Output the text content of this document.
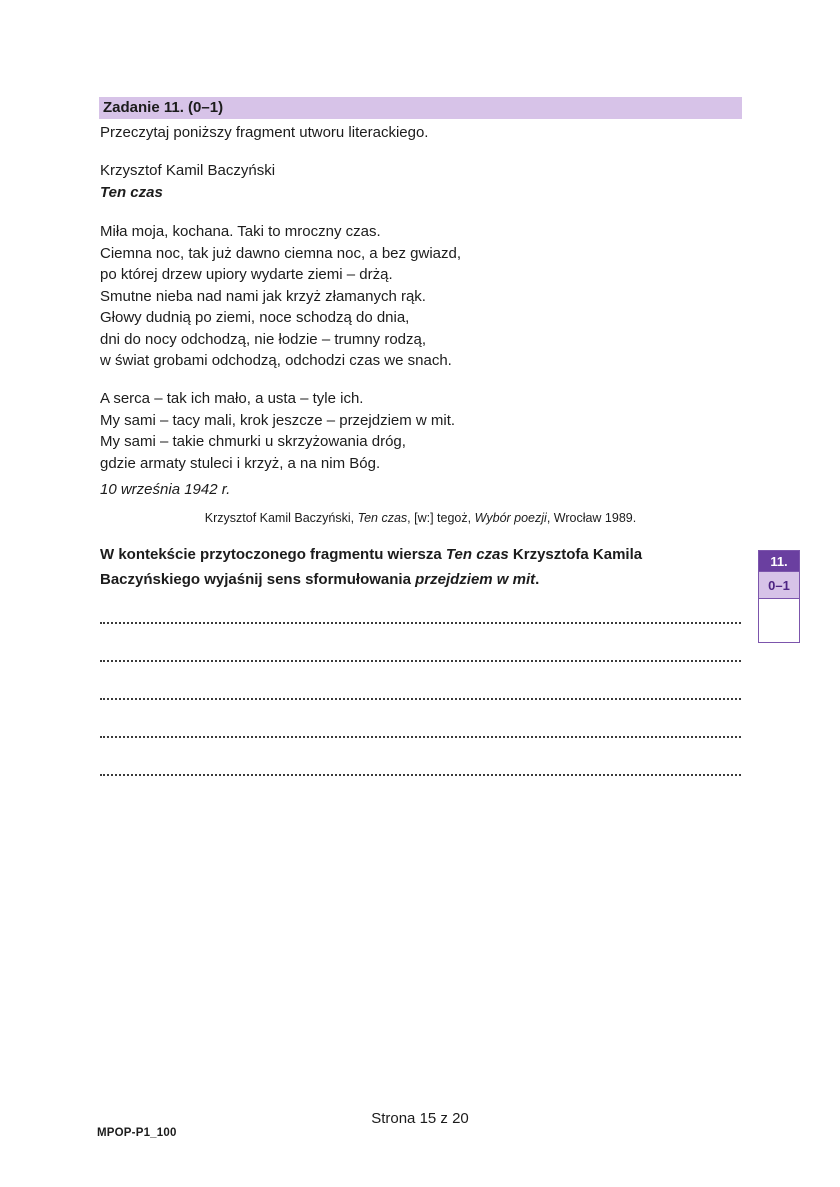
Zadanie 11. (0–1)
Przeczytaj poniższy fragment utworu literackiego.
Krzysztof Kamil Baczyński
Ten czas
Miła moja, kochana. Taki to mroczny czas.
Ciemna noc, tak już dawno ciemna noc, a bez gwiazd,
po której drzew upiory wydarte ziemi – drżą.
Smutne nieba nad nami jak krzyż złamanych rąk.
Głowy dudnią po ziemi, noce schodzą do dnia,
dni do nocy odchodzą, nie łodzie – trumny rodzą,
w świat grobami odchodzą, odchodzi czas we snach.
A serca – tak ich mało, a usta – tyle ich.
My sami – tacy mali, krok jeszcze – przejdziem w mit.
My sami – takie chmurki u skrzyżowania dróg,
gdzie armaty stuleci i krzyż, a na nim Bóg.
10 września 1942 r.
Krzysztof Kamil Baczyński, Ten czas, [w:] tegoż, Wybór poezji, Wrocław 1989.
W kontekście przytoczonego fragmentu wiersza Ten czas Krzysztofa Kamila Baczyńskiego wyjaśnij sens sformułowania przejdziem w mit.
11.
0–1
Strona 15 z 20
MPOP-P1_100
